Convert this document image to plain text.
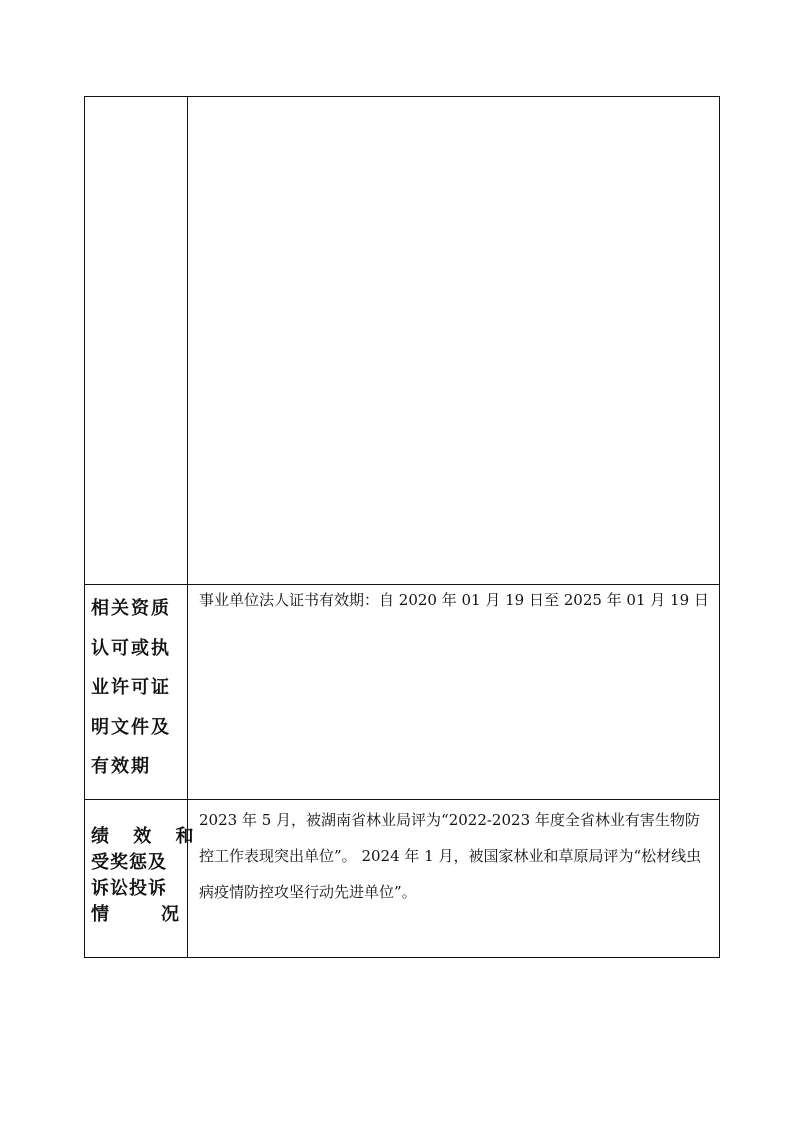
相关资质
认可或执
业许可证
明文件及
有效期
事业单位法人证书有效期：自 2020 年 01 月 19 日至 2025 年 01 月 19 日
绩 效 和
受奖惩及
诉讼投诉
情	况
2023 年 5 月，被湖南省林业局评为“2022-2023 年度全省林业有害生物防控工作表现突出单位”。 2024 年 1 月，被国家林业和草原局评为“松材线虫病疫情防控攻坚行动先进单位”。
